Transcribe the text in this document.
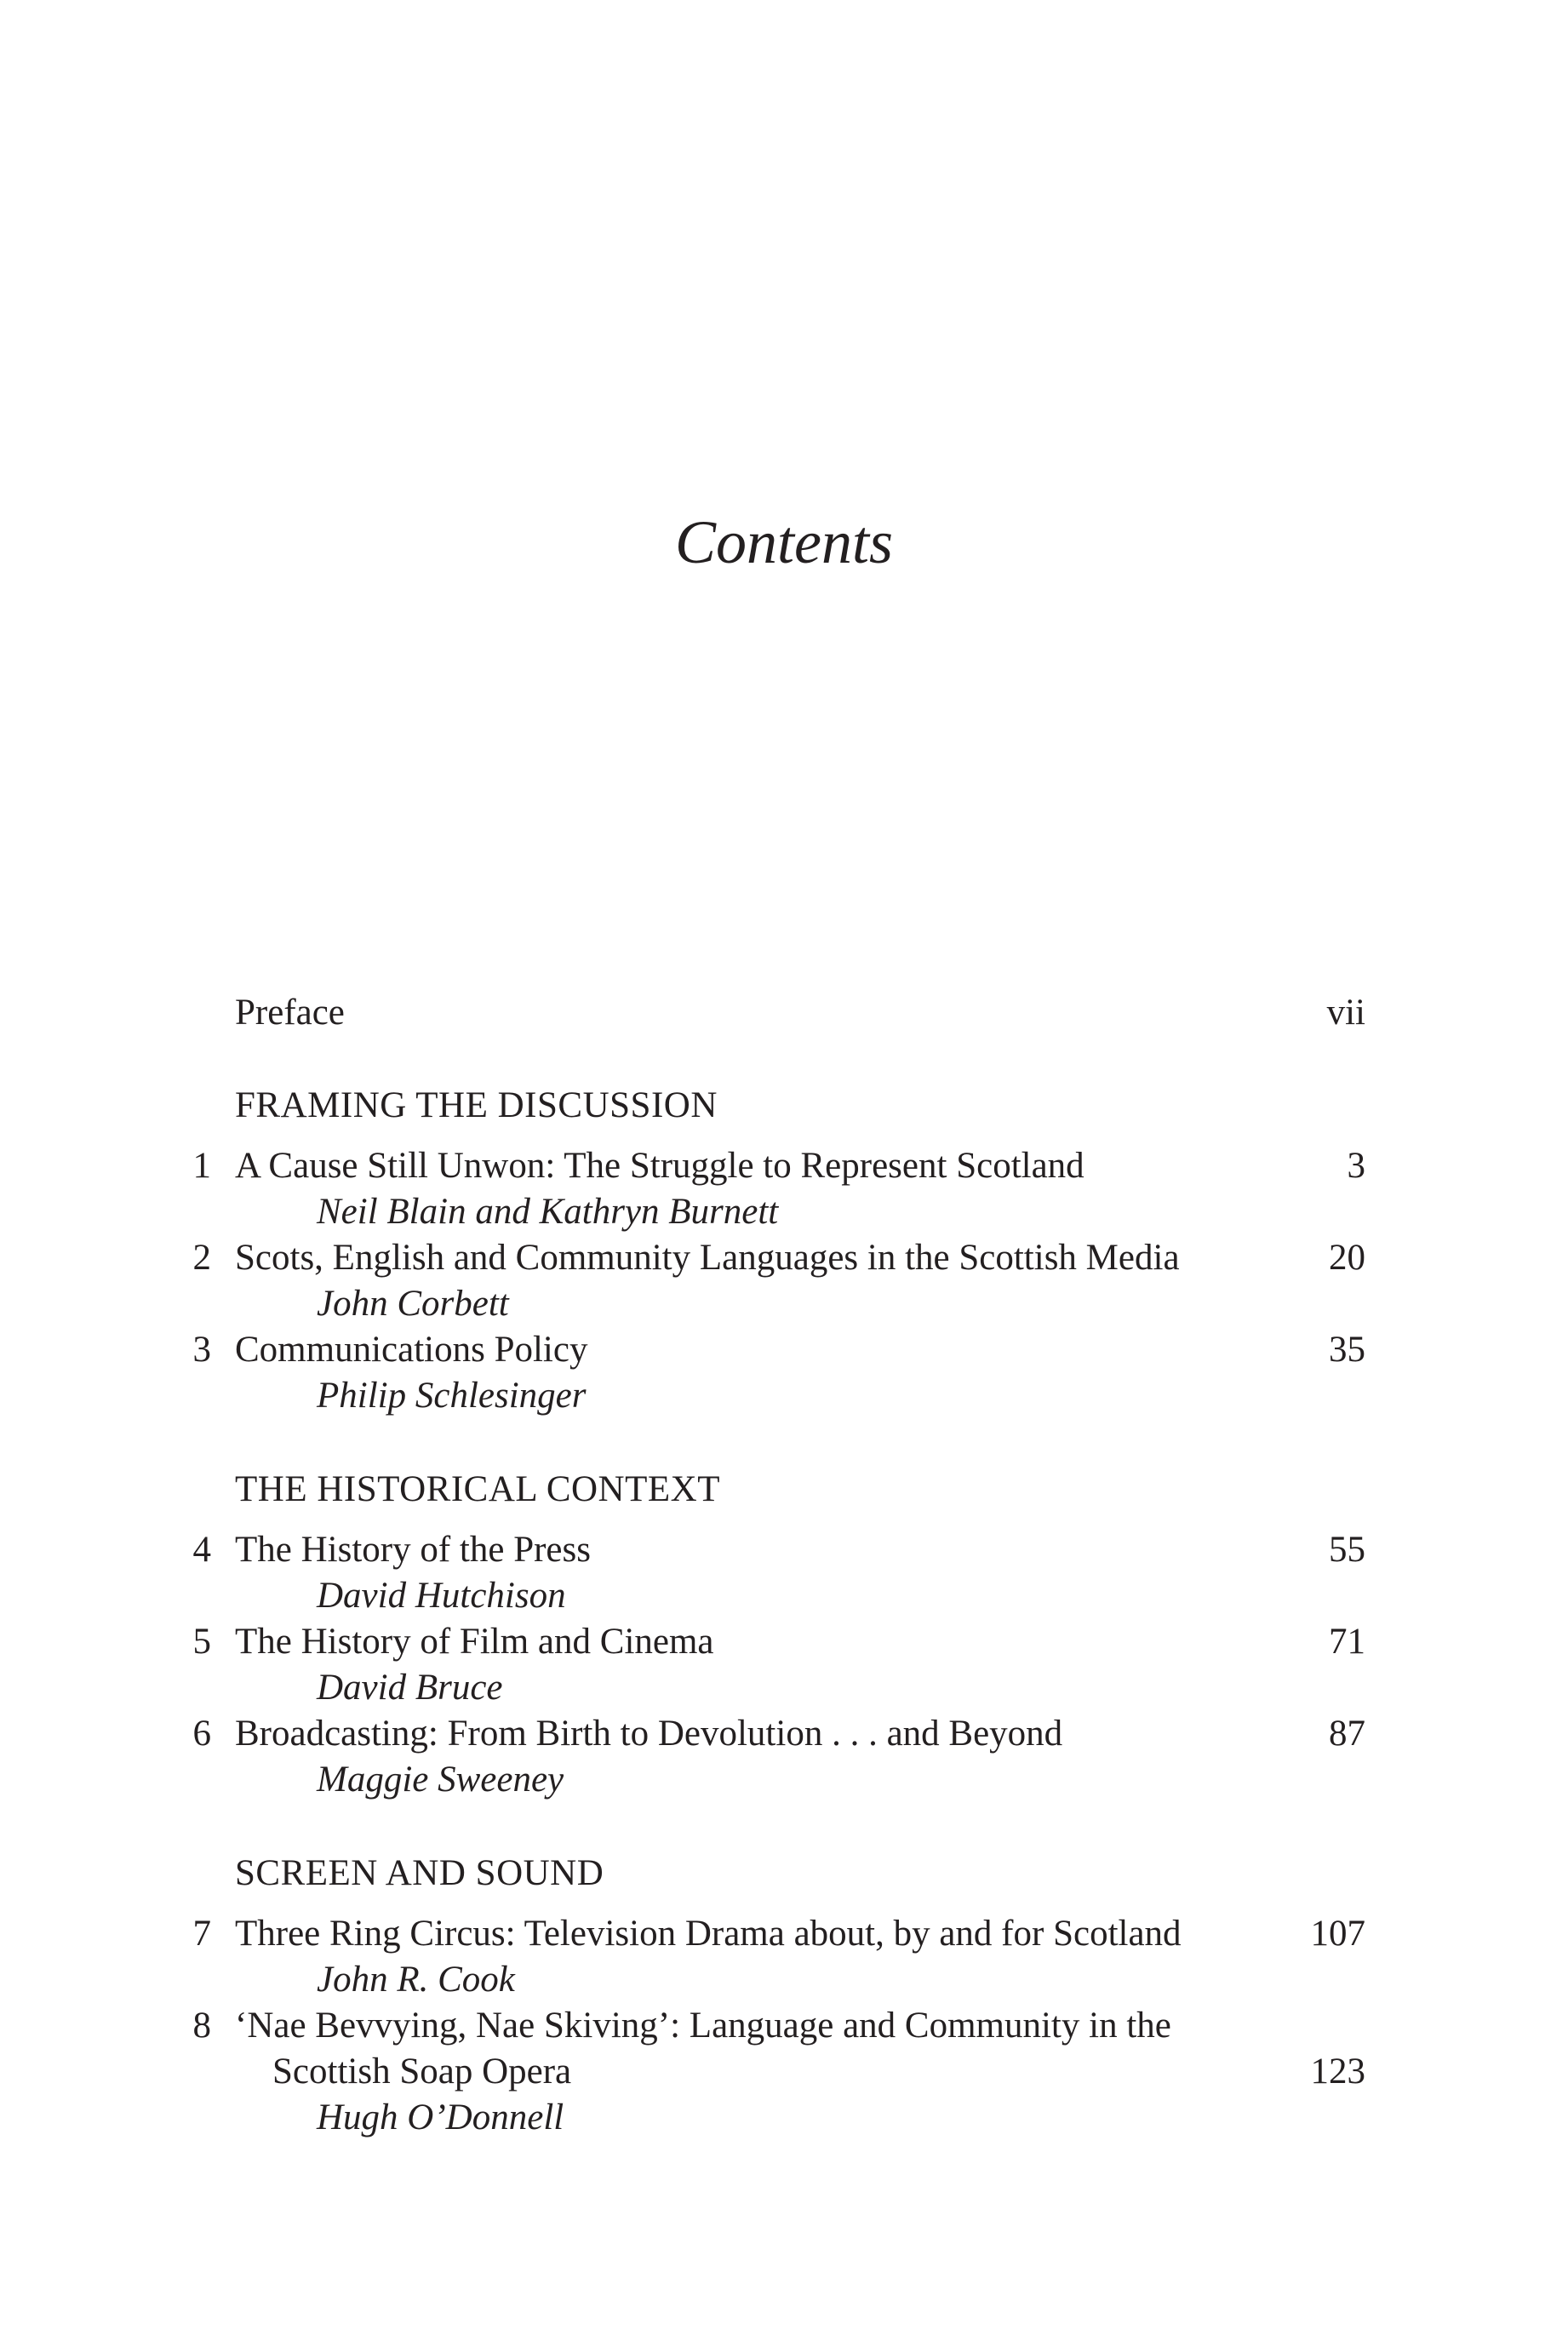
Contents
Preface	vii
FRAMING THE DISCUSSION
1 A Cause Still Unwon: The Struggle to Represent Scotland	3
Neil Blain and Kathryn Burnett
2 Scots, English and Community Languages in the Scottish Media	20
John Corbett
3 Communications Policy	35
Philip Schlesinger
THE HISTORICAL CONTEXT
4 The History of the Press	55
David Hutchison
5 The History of Film and Cinema	71
David Bruce
6 Broadcasting: From Birth to Devolution . . . and Beyond	87
Maggie Sweeney
SCREEN AND SOUND
7 Three Ring Circus: Television Drama about, by and for Scotland	107
John R. Cook
8 ‘Nae Bevvying, Nae Skiving’: Language and Community in the
Scottish Soap Opera	123
Hugh O’Donnell
